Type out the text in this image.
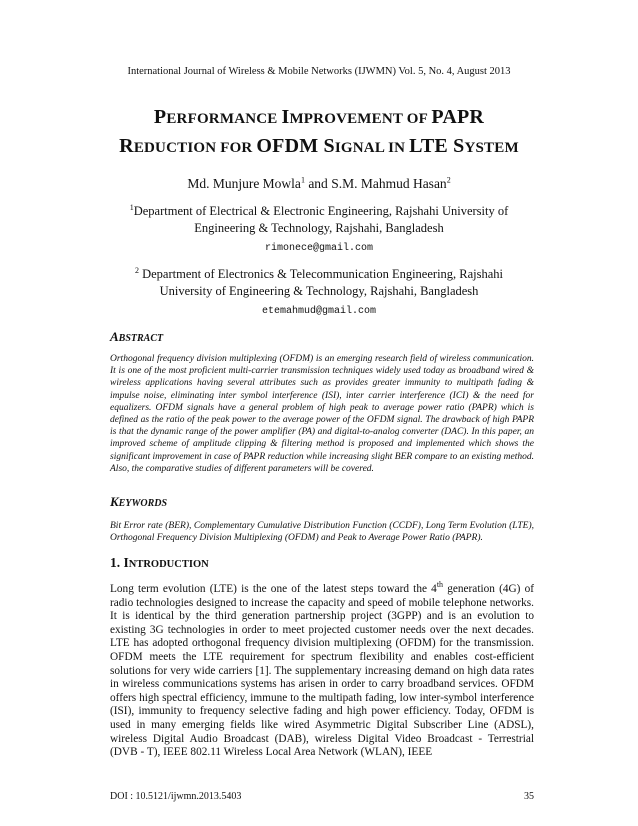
International Journal of Wireless & Mobile Networks (IJWMN) Vol. 5, No. 4, August 2013
PERFORMANCE IMPROVEMENT OF PAPR
REDUCTION FOR OFDM SIGNAL IN LTE SYSTEM
Md. Munjure Mowla$^1$ and S.M. Mahmud Hasan$^2$
$^1$Department of Electrical & Electronic Engineering, Rajshahi University of Engineering & Technology, Rajshahi, Bangladesh
rimonece@gmail.com
$^2$ Department of Electronics & Telecommunication Engineering, Rajshahi University of Engineering & Technology, Rajshahi, Bangladesh
etemahmud@gmail.com
ABSTRACT
Orthogonal frequency division multiplexing (OFDM) is an emerging research field of wireless communication. It is one of the most proficient multi-carrier transmission techniques widely used today as broadband wired & wireless applications having several attributes such as provides greater immunity to multipath fading & impulse noise, eliminating inter symbol interference (ISI), inter carrier interference (ICI) & the need for equalizers. OFDM signals have a general problem of high peak to average power ratio (PAPR) which is defined as the ratio of the peak power to the average power of the OFDM signal. The drawback of high PAPR is that the dynamic range of the power amplifier (PA) and digital-to-analog converter (DAC). In this paper, an improved scheme of amplitude clipping & filtering method is proposed and implemented which shows the significant improvement in case of PAPR reduction while increasing slight BER compare to an existing method. Also, the comparative studies of different parameters will be covered.
KEYWORDS
Bit Error rate (BER), Complementary Cumulative Distribution Function (CCDF), Long Term Evolution (LTE), Orthogonal Frequency Division Multiplexing (OFDM) and Peak to Average Power Ratio (PAPR).
1. INTRODUCTION
Long term evolution (LTE) is the one of the latest steps toward the 4th generation (4G) of radio technologies designed to increase the capacity and speed of mobile telephone networks. It is identical by the third generation partnership project (3GPP) and is an evolution to existing 3G technologies in order to meet projected customer needs over the next decades. LTE has adopted orthogonal frequency division multiplexing (OFDM) for the transmission. OFDM meets the LTE requirement for spectrum flexibility and enables cost-efficient solutions for very wide carriers [1]. The supplementary increasing demand on high data rates in wireless communications systems has arisen in order to carry broadband services. OFDM offers high spectral efficiency, immune to the multipath fading, low inter-symbol interference (ISI), immunity to frequency selective fading and high power efficiency. Today, OFDM is used in many emerging fields like wired Asymmetric Digital Subscriber Line (ADSL), wireless Digital Audio Broadcast (DAB), wireless Digital Video Broadcast - Terrestrial (DVB - T), IEEE 802.11 Wireless Local Area Network (WLAN), IEEE
DOI : 10.5121/ijwmn.2013.5403	35
